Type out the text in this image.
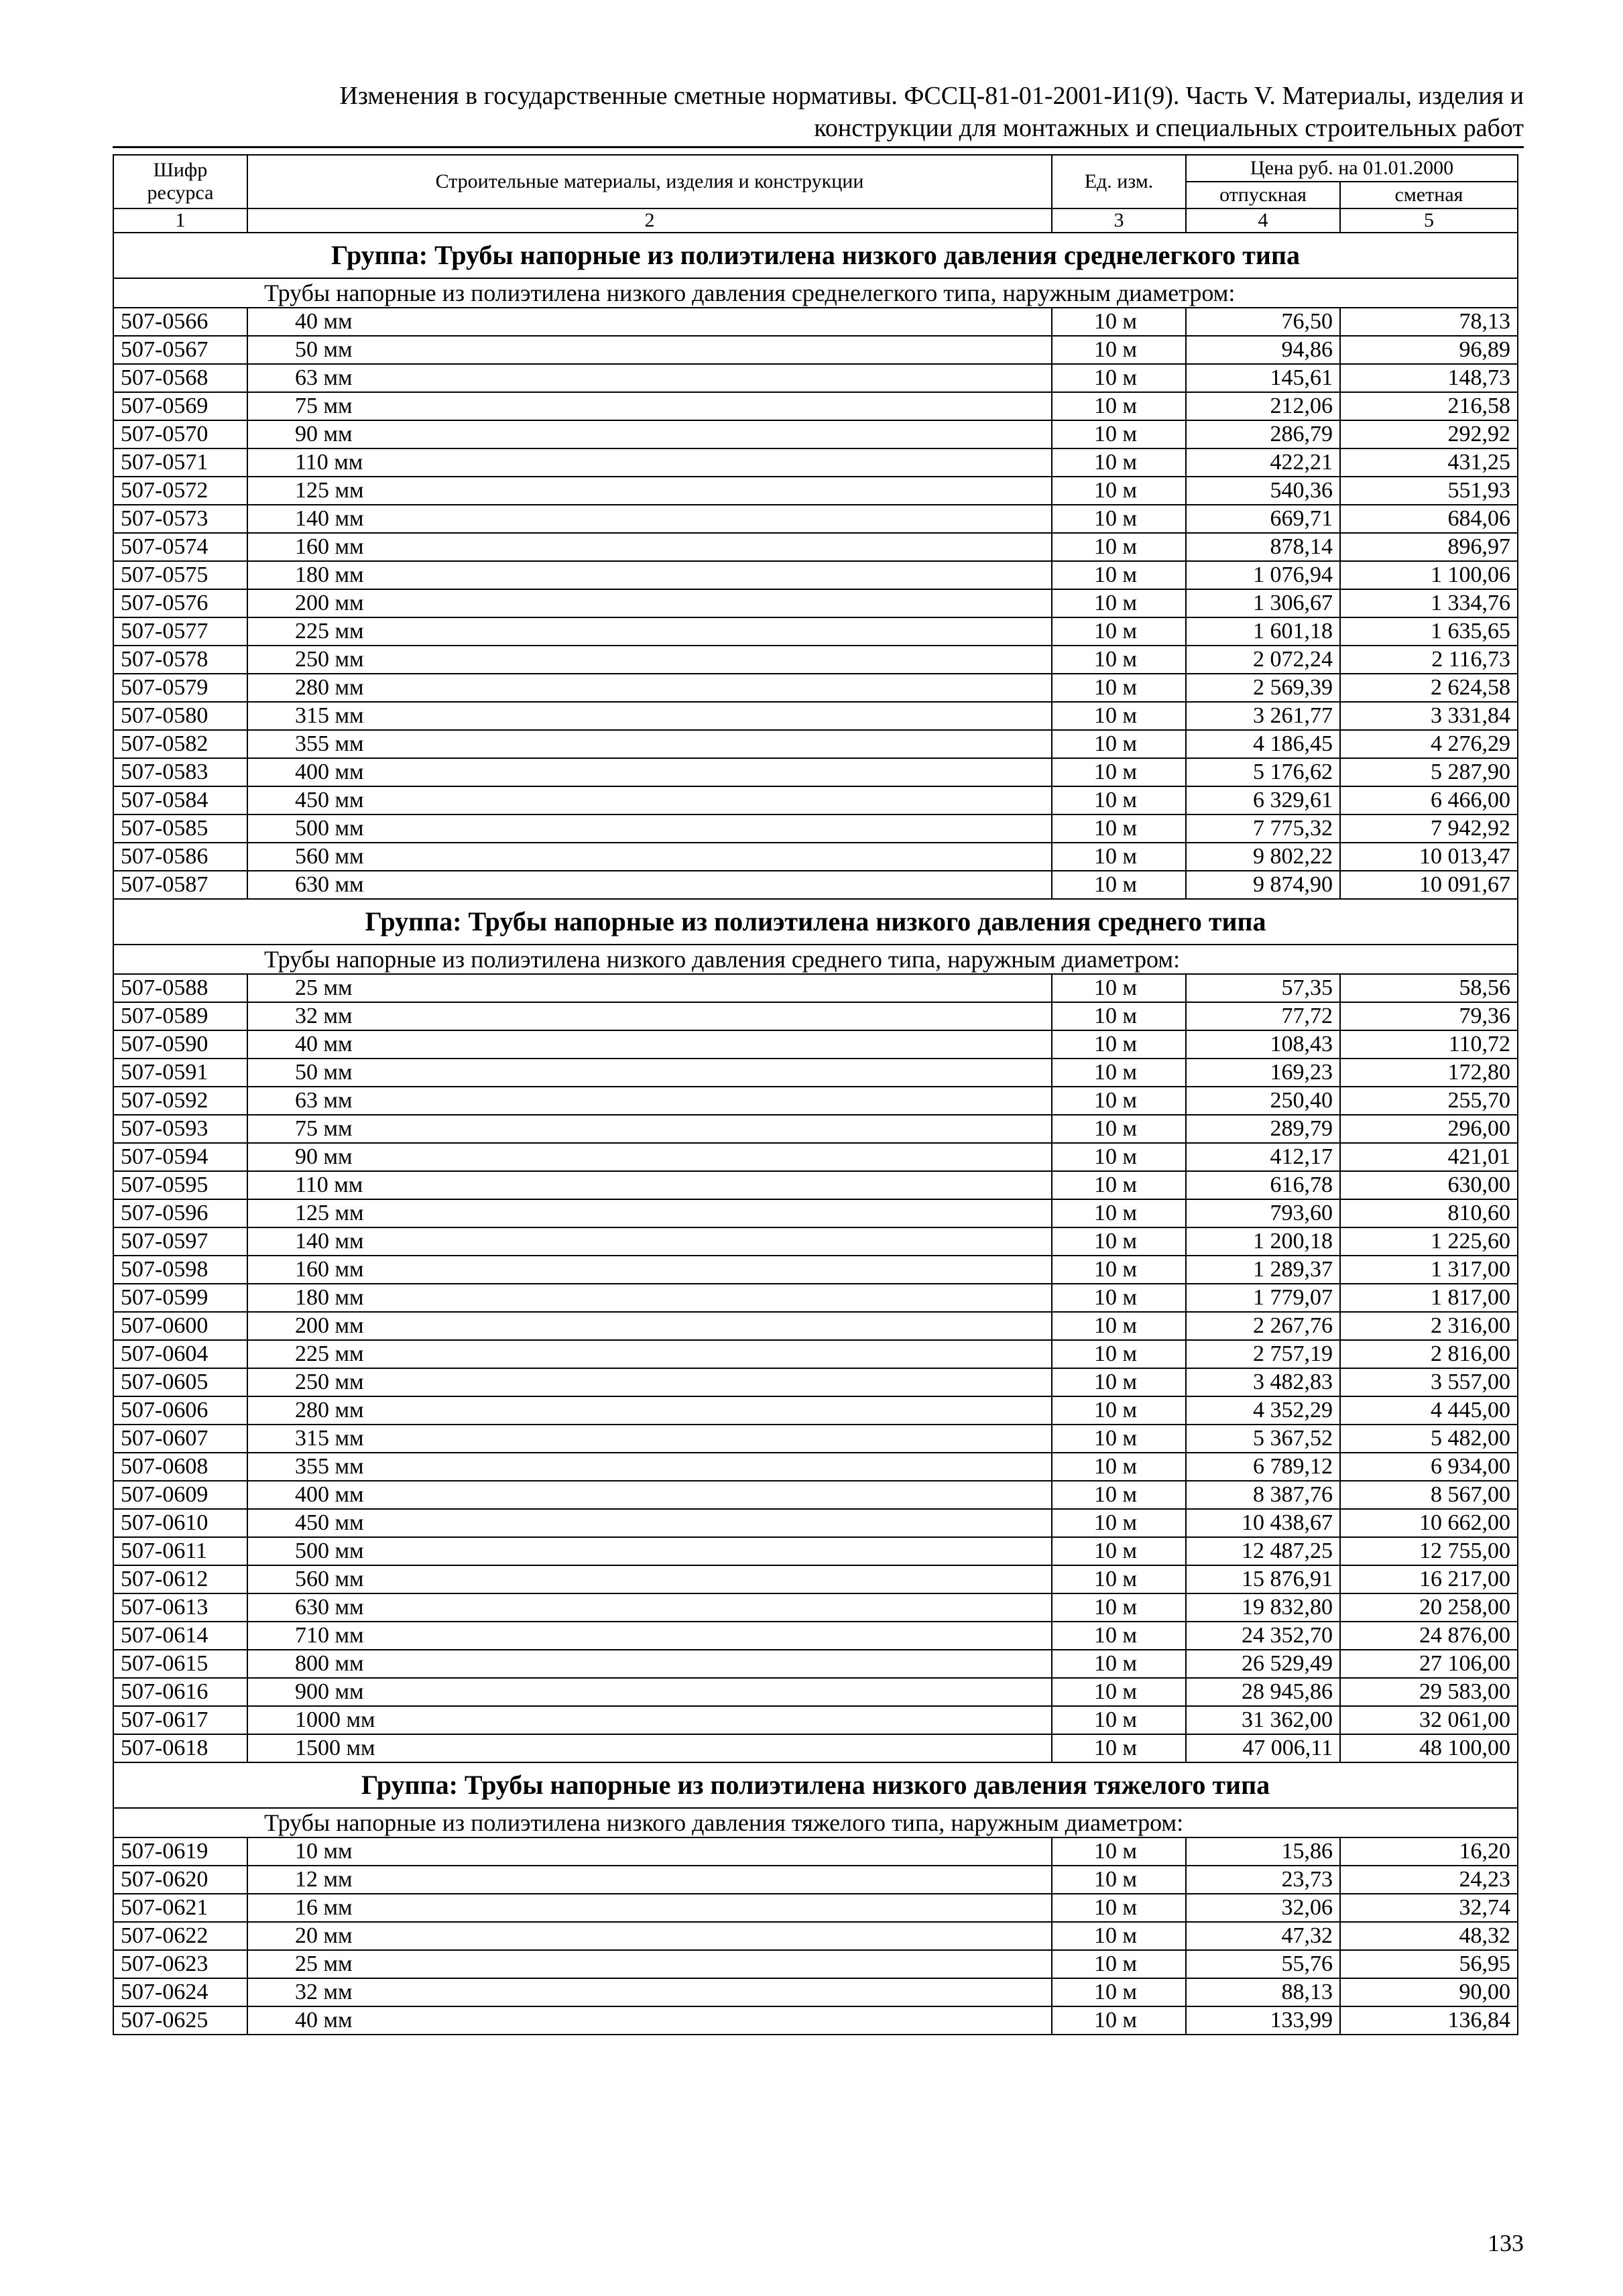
Изменения в государственные сметные нормативы. ФССЦ-81-01-2001-И1(9). Часть V. Материалы, изделия и
конструкции для монтажных и специальных строительных работ
Шифр ресурса	Строительные материалы, изделия и конструкции	Ед. изм.	Цена руб. на 01.01.2000	
			отпускная	сметная
1	2	3	4	5
Группа: Трубы напорные из полиэтилена низкого давления среднелегкого типа				
Трубы напорные из полиэтилена низкого давления среднелегкого типа, наружным диаметром:				
507-0566	40 мм	10 м	76,50	78,13
507-0567	50 мм	10 м	94,86	96,89
507-0568	63 мм	10 м	145,61	148,73
507-0569	75 мм	10 м	212,06	216,58
507-0570	90 мм	10 м	286,79	292,92
507-0571	110 мм	10 м	422,21	431,25
507-0572	125 мм	10 м	540,36	551,93
507-0573	140 мм	10 м	669,71	684,06
507-0574	160 мм	10 м	878,14	896,97
507-0575	180 мм	10 м	1 076,94	1 100,06
507-0576	200 мм	10 м	1 306,67	1 334,76
507-0577	225 мм	10 м	1 601,18	1 635,65
507-0578	250 мм	10 м	2 072,24	2 116,73
507-0579	280 мм	10 м	2 569,39	2 624,58
507-0580	315 мм	10 м	3 261,77	3 331,84
507-0582	355 мм	10 м	4 186,45	4 276,29
507-0583	400 мм	10 м	5 176,62	5 287,90
507-0584	450 мм	10 м	6 329,61	6 466,00
507-0585	500 мм	10 м	7 775,32	7 942,92
507-0586	560 мм	10 м	9 802,22	10 013,47
507-0587	630 мм	10 м	9 874,90	10 091,67
Группа: Трубы напорные из полиэтилена низкого давления среднего типа				
Трубы напорные из полиэтилена низкого давления среднего типа, наружным диаметром:				
507-0588	25 мм	10 м	57,35	58,56
507-0589	32 мм	10 м	77,72	79,36
507-0590	40 мм	10 м	108,43	110,72
507-0591	50 мм	10 м	169,23	172,80
507-0592	63 мм	10 м	250,40	255,70
507-0593	75 мм	10 м	289,79	296,00
507-0594	90 мм	10 м	412,17	421,01
507-0595	110 мм	10 м	616,78	630,00
507-0596	125 мм	10 м	793,60	810,60
507-0597	140 мм	10 м	1 200,18	1 225,60
507-0598	160 мм	10 м	1 289,37	1 317,00
507-0599	180 мм	10 м	1 779,07	1 817,00
507-0600	200 мм	10 м	2 267,76	2 316,00
507-0604	225 мм	10 м	2 757,19	2 816,00
507-0605	250 мм	10 м	3 482,83	3 557,00
507-0606	280 мм	10 м	4 352,29	4 445,00
507-0607	315 мм	10 м	5 367,52	5 482,00
507-0608	355 мм	10 м	6 789,12	6 934,00
507-0609	400 мм	10 м	8 387,76	8 567,00
507-0610	450 мм	10 м	10 438,67	10 662,00
507-0611	500 мм	10 м	12 487,25	12 755,00
507-0612	560 мм	10 м	15 876,91	16 217,00
507-0613	630 мм	10 м	19 832,80	20 258,00
507-0614	710 мм	10 м	24 352,70	24 876,00
507-0615	800 мм	10 м	26 529,49	27 106,00
507-0616	900 мм	10 м	28 945,86	29 583,00
507-0617	1000 мм	10 м	31 362,00	32 061,00
507-0618	1500 мм	10 м	47 006,11	48 100,00
Группа: Трубы напорные из полиэтилена низкого давления тяжелого типа				
Трубы напорные из полиэтилена низкого давления тяжелого типа, наружным диаметром:				
507-0619	10 мм	10 м	15,86	16,20
507-0620	12 мм	10 м	23,73	24,23
507-0621	16 мм	10 м	32,06	32,74
507-0622	20 мм	10 м	47,32	48,32
507-0623	25 мм	10 м	55,76	56,95
507-0624	32 мм	10 м	88,13	90,00
507-0625	40 мм	10 м	133,99	136,84
133
